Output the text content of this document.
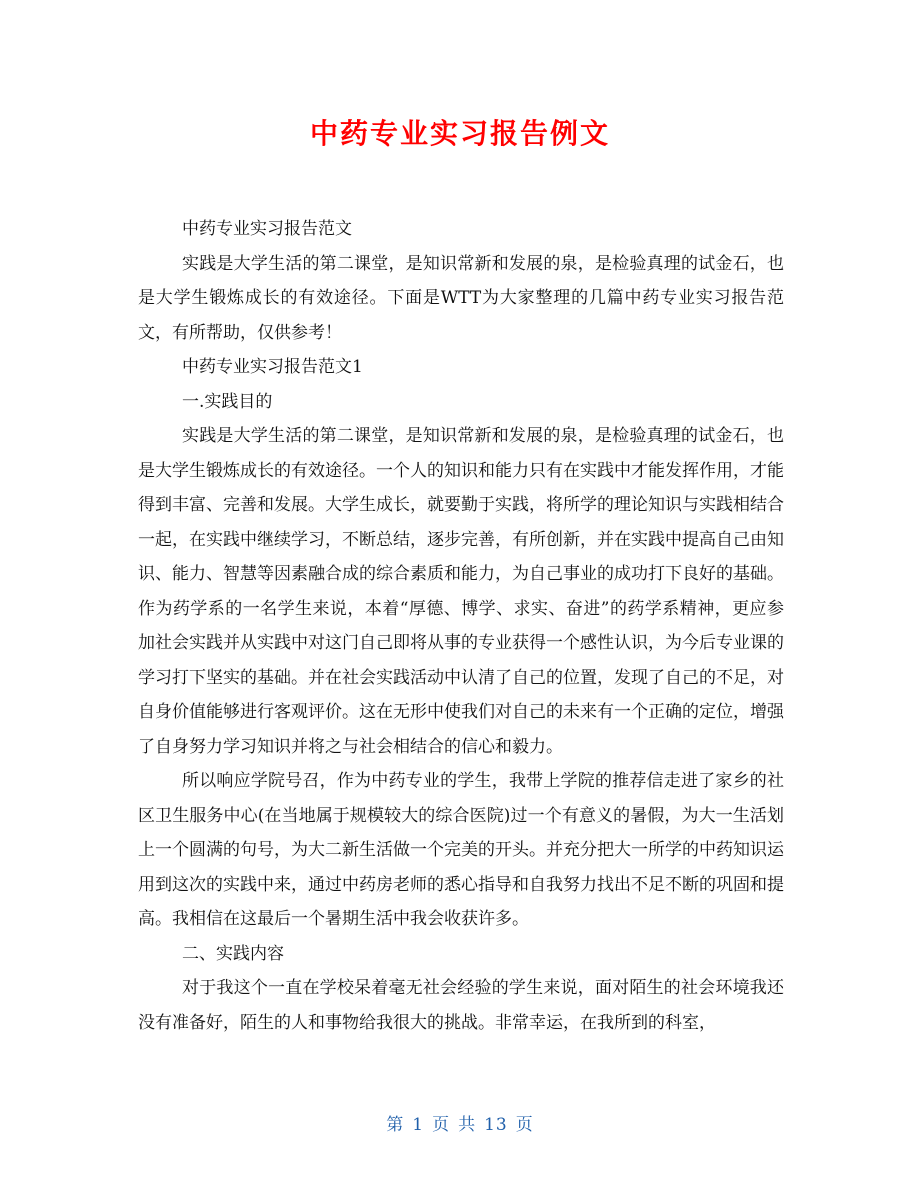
中药专业实习报告例文

中药专业实习报告范文

实践是大学生活的第二课堂，是知识常新和发展的泉，是检验真理的试金石，也是大学生锻炼成长的有效途径。下面是WTT为大家整理的几篇中药专业实习报告范文，有所帮助，仅供参考！

中药专业实习报告范文1

一.实践目的

实践是大学生活的第二课堂，是知识常新和发展的泉，是检验真理的试金石，也是大学生锻炼成长的有效途径。一个人的知识和能力只有在实践中才能发挥作用，才能得到丰富、完善和发展。大学生成长，就要勤于实践，将所学的理论知识与实践相结合一起，在实践中继续学习，不断总结，逐步完善，有所创新，并在实践中提高自己由知识、能力、智慧等因素融合成的综合素质和能力，为自己事业的成功打下良好的基础。作为药学系的一名学生来说，本着“厚德、博学、求实、奋进”的药学系精神，更应参加社会实践并从实践中对这门自己即将从事的专业获得一个感性认识，为今后专业课的学习打下坚实的基础。并在社会实践活动中认清了自己的位置，发现了自己的不足，对自身价值能够进行客观评价。这在无形中使我们对自己的未来有一个正确的定位，增强了自身努力学习知识并将之与社会相结合的信心和毅力。

所以响应学院号召，作为中药专业的学生，我带上学院的推荐信走进了家乡的社区卫生服务中心(在当地属于规模较大的综合医院)过一个有意义的暑假，为大一生活划上一个圆满的句号，为大二新生活做一个完美的开头。并充分把大一所学的中药知识运用到这次的实践中来，通过中药房老师的悉心指导和自我努力找出不足不断的巩固和提高。我相信在这最后一个暑期生活中我会收获许多。

二、实践内容

对于我这个一直在学校呆着毫无社会经验的学生来说，面对陌生的社会环境我还没有准备好，陌生的人和事物给我很大的挑战。非常幸运，在我所到的科室，

第 1 页 共 13 页
